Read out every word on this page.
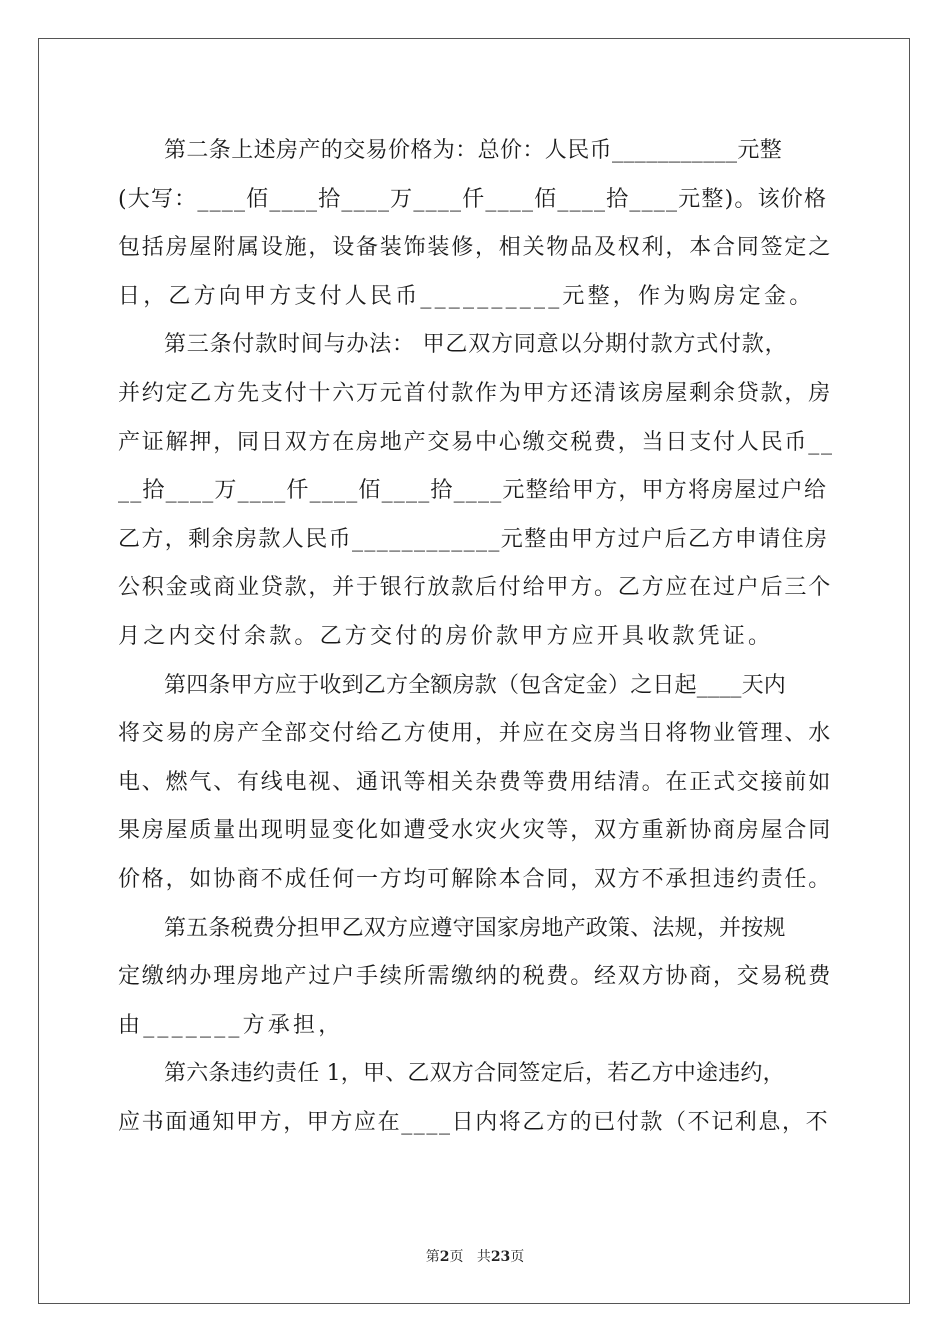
第二条上述房产的交易价格为：总价：人民币___________元整
(大写：____佰____拾____万____仟____佰____拾____元整)。该价格
包括房屋附属设施，设备装饰装修，相关物品及权利，本合同签定之
日，乙方向甲方支付人民币__________元整，作为购房定金。
第三条付款时间与办法： 甲乙双方同意以分期付款方式付款，
并约定乙方先支付十六万元首付款作为甲方还清该房屋剩余贷款，房
产证解押，同日双方在房地产交易中心缴交税费，当日支付人民币__
__拾____万____仟____佰____拾____元整给甲方，甲方将房屋过户给
乙方，剩余房款人民币____________元整由甲方过户后乙方申请住房
公积金或商业贷款，并于银行放款后付给甲方。乙方应在过户后三个
月之内交付余款。乙方交付的房价款甲方应开具收款凭证。
第四条甲方应于收到乙方全额房款（包含定金）之日起____天内
将交易的房产全部交付给乙方使用，并应在交房当日将物业管理、水
电、燃气、有线电视、通讯等相关杂费等费用结清。在正式交接前如
果房屋质量出现明显变化如遭受水灾火灾等，双方重新协商房屋合同
价格，如协商不成任何一方均可解除本合同，双方不承担违约责任。
第五条税费分担甲乙双方应遵守国家房地产政策、法规，并按规
定缴纳办理房地产过户手续所需缴纳的税费。经双方协商，交易税费
由_______方承担，
第六条违约责任 1，甲、乙双方合同签定后，若乙方中途违约，
应书面通知甲方，甲方应在____日内将乙方的已付款（不记利息，不
第2页 共23页
